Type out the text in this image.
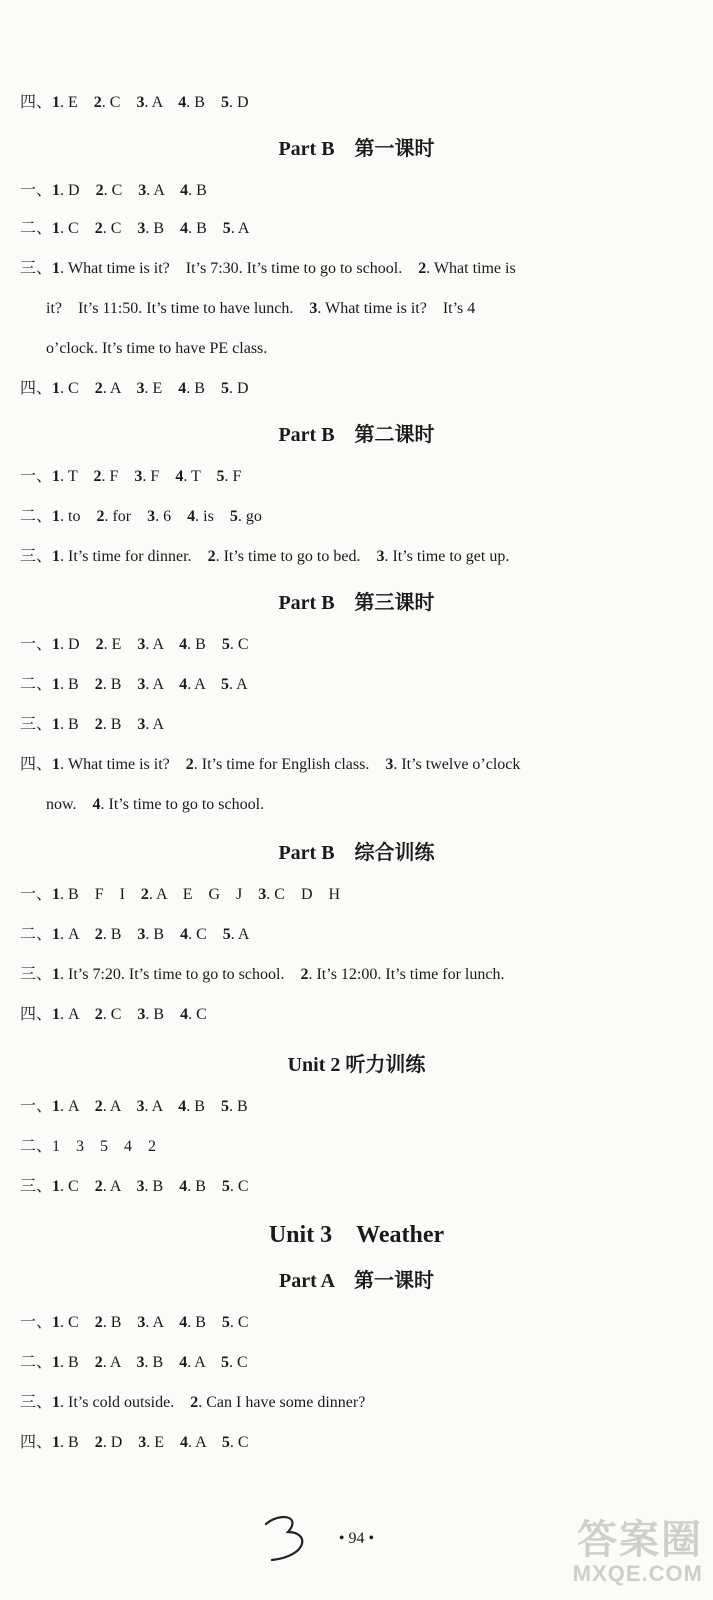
四、1. E　2. C　3. A　4. B　5. D
Part B　第一课时
一、1. D　2. C　3. A　4. B
二、1. C　2. C　3. B　4. B　5. A
三、1. What time is it?　It’s 7:30. It’s time to go to school.　2. What time is
it?　It’s 11:50. It’s time to have lunch.　3. What time is it?　It’s 4
o’clock. It’s time to have PE class.
四、1. C　2. A　3. E　4. B　5. D
Part B　第二课时
一、1. T　2. F　3. F　4. T　5. F
二、1. to　2. for　3. 6　4. is　5. go
三、1. It’s time for dinner.　2. It’s time to go to bed.　3. It’s time to get up.
Part B　第三课时
一、1. D　2. E　3. A　4. B　5. C
二、1. B　2. B　3. A　4. A　5. A
三、1. B　2. B　3. A
四、1. What time is it?　2. It’s time for English class.　3. It’s twelve o’clock
now.　4. It’s time to go to school.
Part B　综合训练
一、1. B　F　I　2. A　E　G　J　3. C　D　H
二、1. A　2. B　3. B　4. C　5. A
三、1. It’s 7:20. It’s time to go to school.　2. It’s 12:00. It’s time for lunch.
四、1. A　2. C　3. B　4. C
Unit 2 听力训练
一、1. A　2. A　3. A　4. B　5. B
二、1　3　5　4　2
三、1. C　2. A　3. B　4. B　5. C
Unit 3　Weather
Part A　第一课时
一、1. C　2. B　3. A　4. B　5. C
二、1. B　2. A　3. B　4. A　5. C
三、1. It’s cold outside.　2. Can I have some dinner?
四、1. B　2. D　3. E　4. A　5. C
• 94 •	答案圈
MXQE.COM
